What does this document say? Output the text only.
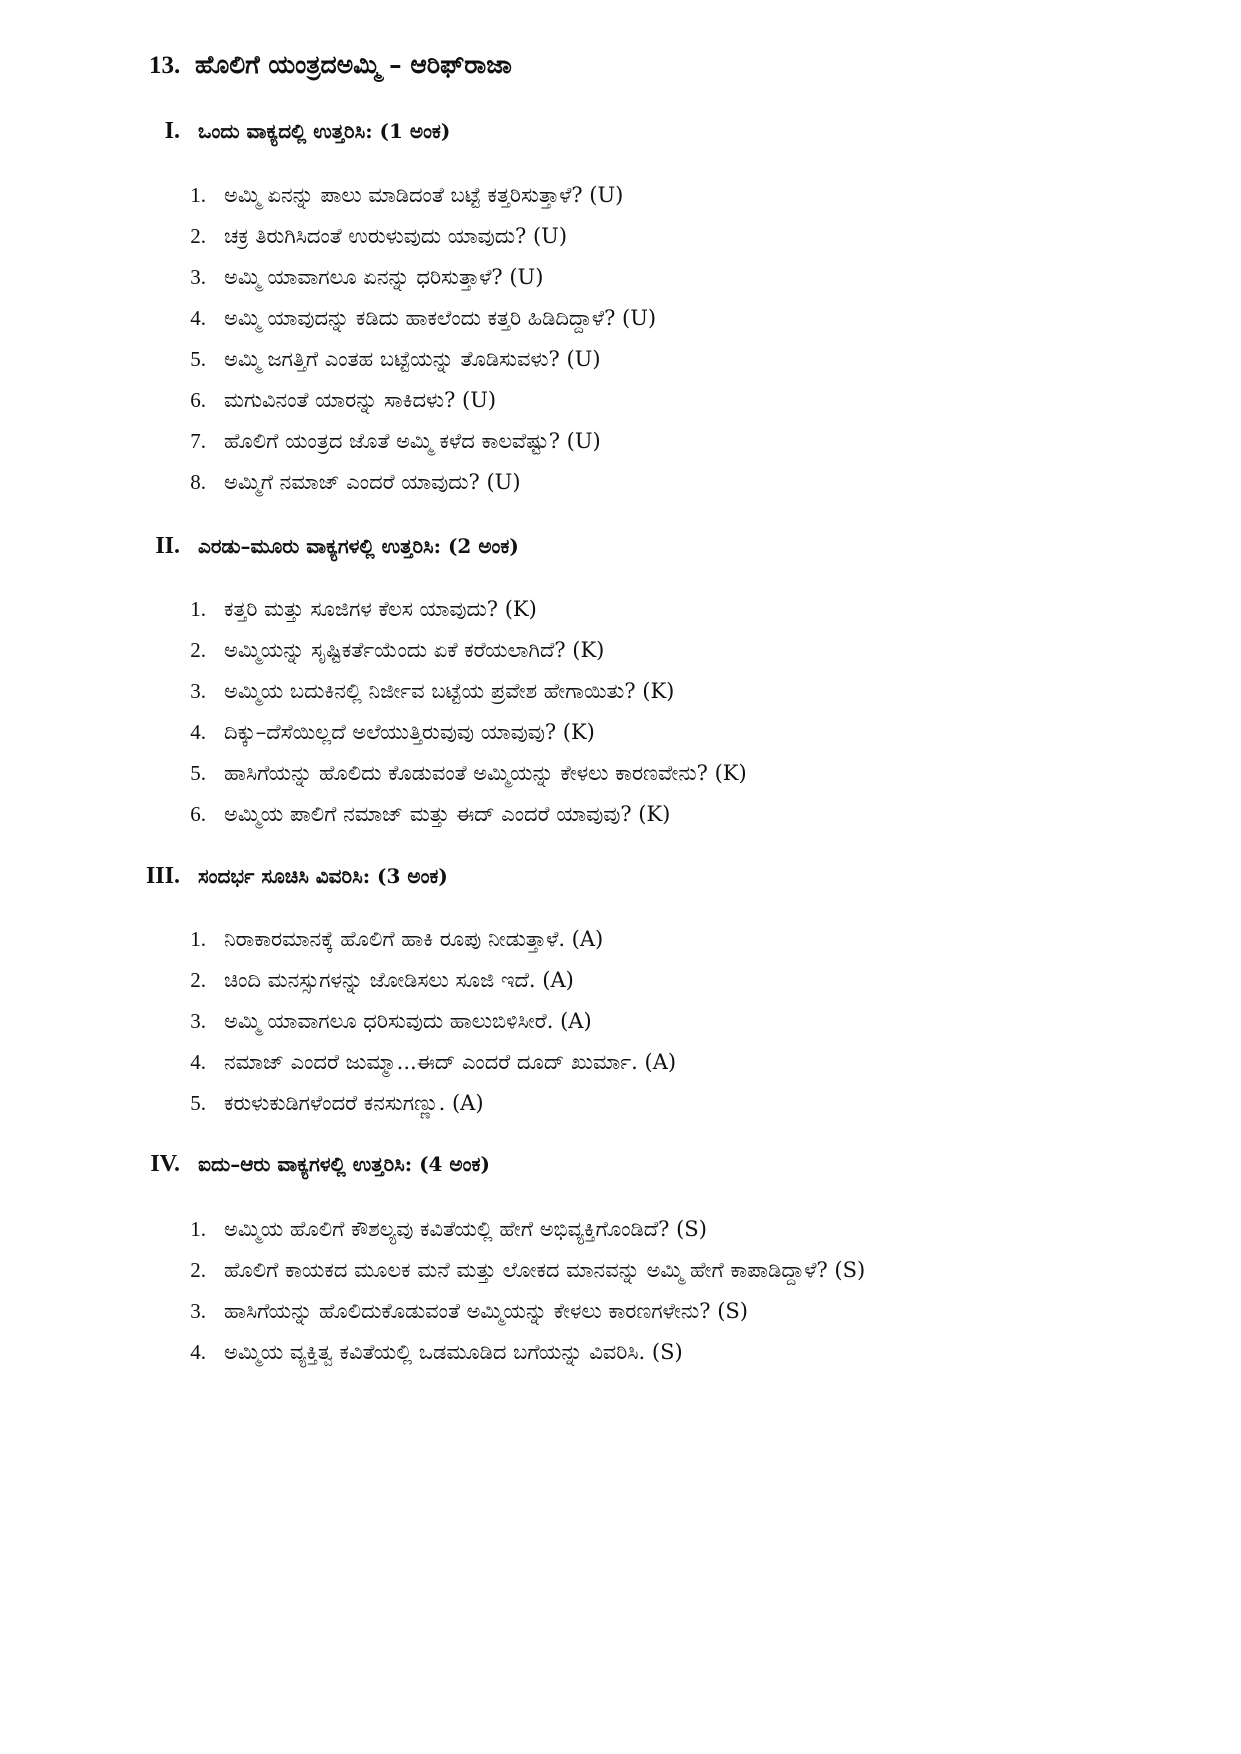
13. ಹೊಲಿಗೆ ಯಂತ್ರದಅಮ್ಮಿ – ಆರಿಫ್‌ರಾಜಾ
I. ಒಂದು ವಾಕ್ಯದಲ್ಲಿ ಉತ್ತರಿಸಿ: (1 ಅಂಕ)
1. ಅಮ್ಮಿ ಏನನ್ನು ಪಾಲು ಮಾಡಿದಂತೆ ಬಟ್ಟೆ ಕತ್ತರಿಸುತ್ತಾಳೆ? (U)
2. ಚಕ್ರ ತಿರುಗಿಸಿದಂತೆ ಉರುಳುವುದು ಯಾವುದು? (U)
3. ಅಮ್ಮಿ ಯಾವಾಗಲೂ ಏನನ್ನು ಧರಿಸುತ್ತಾಳೆ? (U)
4. ಅಮ್ಮಿ ಯಾವುದನ್ನು ಕಡಿದು ಹಾಕಲೆಂದು ಕತ್ತರಿ ಹಿಡಿದಿದ್ದಾಳೆ? (U)
5. ಅಮ್ಮಿ ಜಗತ್ತಿಗೆ ಎಂತಹ ಬಟ್ಟೆಯನ್ನು ತೊಡಿಸುವಳು? (U)
6. ಮಗುವಿನಂತೆ ಯಾರನ್ನು ಸಾಕಿದಳು? (U)
7. ಹೊಲಿಗೆ ಯಂತ್ರದ ಜೊತೆ ಅಮ್ಮಿ ಕಳೆದ ಕಾಲವೆಷ್ಟು? (U)
8. ಅಮ್ಮಿಗೆ ನಮಾಜ್ ಎಂದರೆ ಯಾವುದು? (U)
II. ಎರಡು–ಮೂರು ವಾಕ್ಯಗಳಲ್ಲಿ ಉತ್ತರಿಸಿ: (2 ಅಂಕ)
1. ಕತ್ತರಿ ಮತ್ತು ಸೂಜಿಗಳ ಕೆಲಸ ಯಾವುದು? (K)
2. ಅಮ್ಮಿಯನ್ನು ಸೃಷ್ಟಿಕರ್ತೆಯೆಂದು ಏಕೆ ಕರೆಯಲಾಗಿದೆ? (K)
3. ಅಮ್ಮಿಯ ಬದುಕಿನಲ್ಲಿ ನಿರ್ಜೀವ ಬಟ್ಟೆಯ ಪ್ರವೇಶ ಹೇಗಾಯಿತು? (K)
4. ದಿಕ್ಕು–ದೆಸೆಯಿಲ್ಲದೆ ಅಲೆಯುತ್ತಿರುವುವು ಯಾವುವು? (K)
5. ಹಾಸಿಗೆಯನ್ನು ಹೊಲಿದು ಕೊಡುವಂತೆ ಅಮ್ಮಿಯನ್ನು ಕೇಳಲು ಕಾರಣವೇನು? (K)
6. ಅಮ್ಮಿಯ ಪಾಲಿಗೆ ನಮಾಜ್ ಮತ್ತು ಈದ್ ಎಂದರೆ ಯಾವುವು? (K)
III. ಸಂದರ್ಭ ಸೂಚಿಸಿ ವಿವರಿಸಿ: (3 ಅಂಕ)
1. ನಿರಾಕಾರಮಾನಕ್ಕೆ ಹೊಲಿಗೆ ಹಾಕಿ ರೂಪು ನೀಡುತ್ತಾಳೆ. (A)
2. ಚಿಂದಿ ಮನಸ್ಸುಗಳನ್ನು ಜೋಡಿಸಲು ಸೂಜಿ ಇದೆ. (A)
3. ಅಮ್ಮಿ ಯಾವಾಗಲೂ ಧರಿಸುವುದು ಹಾಲುಬಿಳಿಸೀರೆ. (A)
4. ನಮಾಜ್ ಎಂದರೆ ಜುಮ್ಮಾ...ಈದ್ ಎಂದರೆ ದೂದ್ ಖುರ್ಮಾ. (A)
5. ಕರುಳುಕುಡಿಗಳೆಂದರೆ ಕನಸುಗಣ್ಣು. (A)
IV. ಐದು–ಆರು ವಾಕ್ಯಗಳಲ್ಲಿ ಉತ್ತರಿಸಿ: (4 ಅಂಕ)
1. ಅಮ್ಮಿಯ ಹೊಲಿಗೆ ಕೌಶಲ್ಯವು ಕವಿತೆಯಲ್ಲಿ ಹೇಗೆ ಅಭಿವ್ಯಕ್ತಿಗೊಂಡಿದೆ? (S)
2. ಹೊಲಿಗೆ ಕಾಯಕದ ಮೂಲಕ ಮನೆ ಮತ್ತು ಲೋಕದ ಮಾನವನ್ನು ಅಮ್ಮಿ ಹೇಗೆ ಕಾಪಾಡಿದ್ದಾಳೆ? (S)
3. ಹಾಸಿಗೆಯನ್ನು ಹೊಲಿದುಕೊಡುವಂತೆ ಅಮ್ಮಿಯನ್ನು ಕೇಳಲು ಕಾರಣಗಳೇನು? (S)
4. ಅಮ್ಮಿಯ ವ್ಯಕ್ತಿತ್ವ ಕವಿತೆಯಲ್ಲಿ ಒಡಮೂಡಿದ ಬಗೆಯನ್ನು ವಿವರಿಸಿ. (S)
